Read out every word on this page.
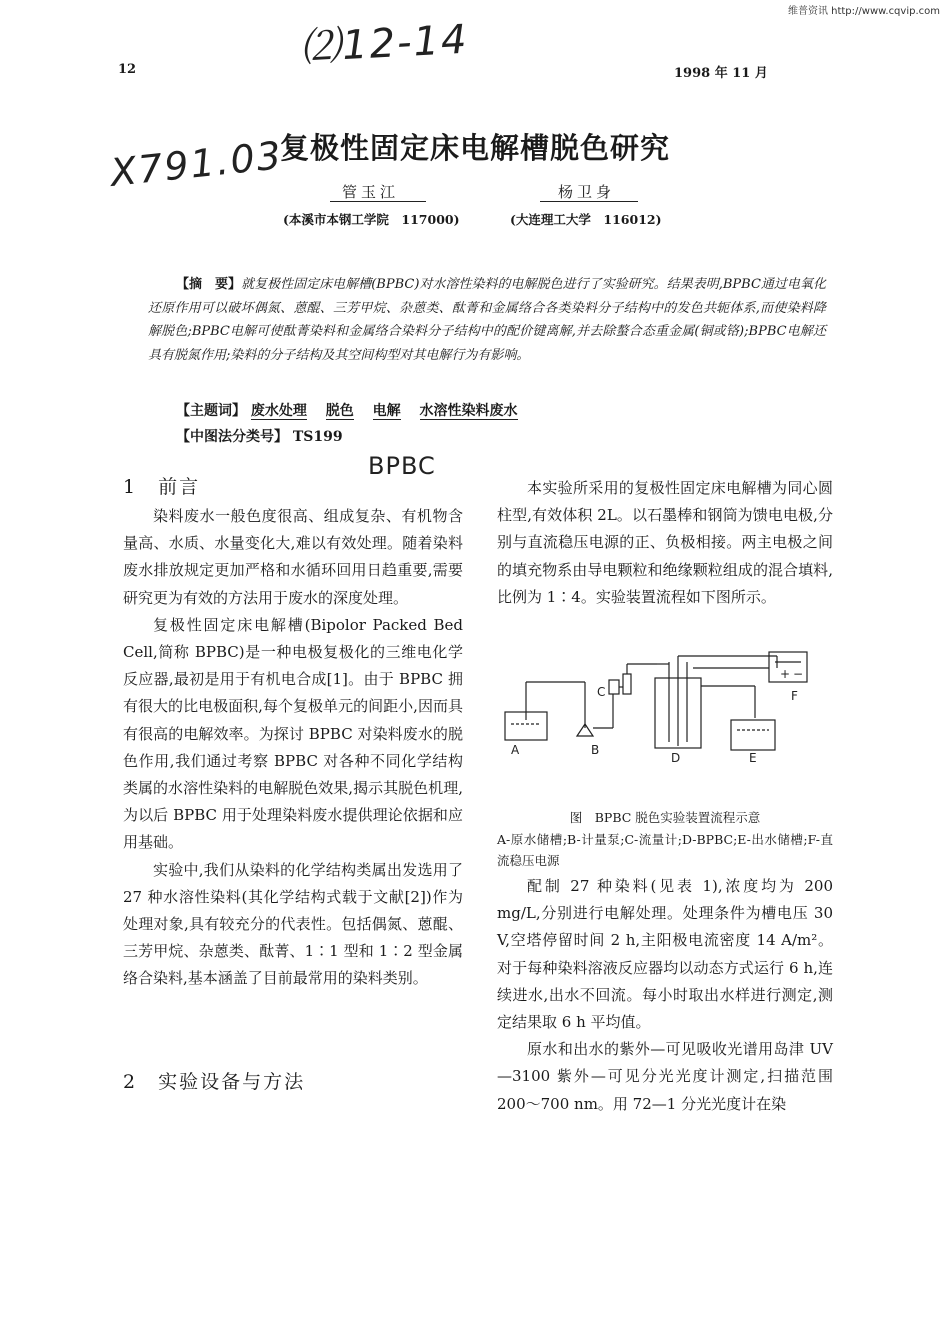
维普资讯 http://www.cqvip.com
12	1998 年 11 月
⑵12-14
X791.03
BPBC
复极性固定床电解槽脱色研究
管玉江	杨卫身
(本溪市本钢工学院　117000)	(大连理工大学　116012)
【摘　要】就复极性固定床电解槽(BPBC)对水溶性染料的电解脱色进行了实验研究。结果表明,BPBC通过电氧化还原作用可以破坏偶氮、蒽醌、三芳甲烷、杂蒽类、酞菁和金属络合各类染料分子结构中的发色共轭体系,而使染料降解脱色;BPBC电解可使酞菁染料和金属络合染料分子结构中的配价键离解,并去除螯合态重金属(铜或铬);BPBC电解还具有脱氮作用;染料的分子结构及其空间构型对其电解行为有影响。
【主题词】 废水处理 脱色 电解 水溶性染料废水
【中图法分类号】 TS199
1　前言

染料废水一般色度很高、组成复杂、有机物含量高、水质、水量变化大,难以有效处理。随着染料废水排放规定更加严格和水循环回用日趋重要,需要研究更为有效的方法用于废水的深度处理。

复极性固定床电解槽(Bipolor Packed Bed Cell,简称 BPBC)是一种电极复极化的三维电化学反应器,最初是用于有机电合成[1]。由于 BPBC 拥有很大的比电极面积,每个复极单元的间距小,因而具有很高的电解效率。为探讨 BPBC 对染料废水的脱色作用,我们通过考察 BPBC 对各种不同化学结构类属的水溶性染料的电解脱色效果,揭示其脱色机理,为以后 BPBC 用于处理染料废水提供理论依据和应用基础。

实验中,我们从染料的化学结构类属出发选用了 27 种水溶性染料(其化学结构式载于文献[2])作为处理对象,具有较充分的代表性。包括偶氮、蒽醌、三芳甲烷、杂蒽类、酞菁、1∶1 型和 1∶2 型金属络合染料,基本涵盖了目前最常用的染料类别。

2　实验设备与方法

本实验所采用的复极性固定床电解槽为同心圆柱型,有效体积 2L。以石墨棒和钢筒为馈电电极,分别与直流稳压电源的正、负极相接。两主电极之间的填充物系由导电颗粒和绝缘颗粒组成的混合填料,比例为 1∶4。实验装置流程如下图所示。

A	B
C
D	E
F
+ −
图　BPBC 脱色实验装置流程示意
A-原水储槽;B-计量泵;C-流量计;D-BPBC;E-出水储槽;F-直流稳压电源

配制 27 种染料(见表 1),浓度均为 200 mg/L,分别进行电解处理。处理条件为槽电压 30 V,空塔停留时间 2 h,主阳极电流密度 14 A/m²。对于每种染料溶液反应器均以动态方式运行 6 h,连续进水,出水不回流。每小时取出水样进行测定,测定结果取 6 h 平均值。

原水和出水的紫外—可见吸收光谱用岛津 UV—3100 紫外—可见分光光度计测定,扫描范围 200～700 nm。用 72—1 分光光度计在染
